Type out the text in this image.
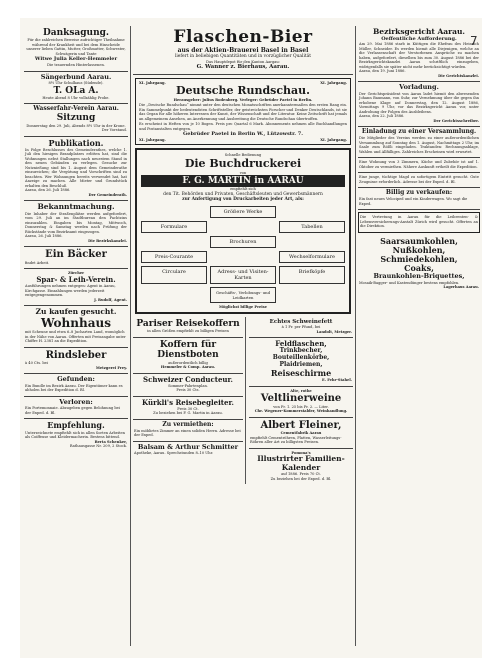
7

Danksagung.

Für die zahlreichen Beweise aufrichtiger Theilnahme während der Krankheit und bei dem Hinscheide unserer lieben Gattin, Mutter, Großmutter, Schwester, Schwägerin und Tante

Witwe Julia Keller-Hemmeler

Die trauernden Hinterlassenen.

Sängerbund Aarau.

8½ Uhr Schulhaus (Südende).

T. OLa A.

Heute Abend 8 Uhr vollzählig Probe.

Wasserfahr-Verein Aarau.

Sitzung

Donnerstag den 29. Juli, Abends 8½ Uhr in der Krone.

Der Vorstand.

Publikation.

In Folge Beschlusses des Gemeinderathes, welche 1. Juli den hiesigen Brandplatzes erlitten hat, sind die Wohnungen nebst Stallungen nach neuestem Stand in den neuen Gebäuden zu verlegen. Gesuche zur Nutznießung sind bis 1. August dem Gemeinderathe einzureichen; die Vergütung und Vorschriften sind zu beachten. Wer Wohnungen bereits verwendet hat, hat Anzeige zu machen. Alle Mieter und Grundstück erhalten den Beschluß.

Aarau, den 26. Juli 1886.

Der Gemeinderath.

Bekanntmachung.

Die Inhaber der Straßenplätze werden aufgefordert, vom 29. Juli an im Stadtbureau den Pachtzins einzuzahlen. Eingaben bis Montag, Mittwoch, Donnerstag & Samstag werden nach Prüfung der Rückstände vom Bezirksamt eingezogen.

Aarau, 26. Juli 1886.

Die Bezirkskanzlei.

Ein Bäcker

findet Arbeit.

Zürcher

Spar- & Leih-Verein.

Ausführungen nehmen entgegen: Agent in Aarau, Kirchgasse. Einzahlungen werden jederzeit entgegengenommen.

J. Rudolf, Agent.

Zu kaufen gesucht.

Wohnhaus

mit Scheune und etwa 6–8 Jucharten Land, womöglich in der Nähe von Aarau. Offerten mit Preisangabe unter Chiffre H. 2381 an die Expedition.

Rindsleber

à 40 Cts. bei

Metzgerei Frey.

Gefunden:

Ein Bundle im Bezirk Aarau. Der Eigentümer kann es abholen bei der Expedition d. Bl.

Verloren:

Ein Portemonnaie. Abzugeben gegen Belohnung bei der Exped. d. Bl.

Empfehlung.

Unterzeichnete empfiehlt sich in allen Sorten Arbeiten als Coiffeuse und Kleidermacherin. Bestens bittend.

Berta Schenker,

Rathausgasse Nr. 209, 2 Stock.

Flaschen-Bier

aus der Aktien-Brauerei Basel in Basel

liefert in beliebigen Quantitäten und in vorzüglicher Qualität

Das Hauptdepot für den Kanton Aargau:

G. Wanner z. Bierhaus, Aarau.

XI. Jahrgang.	XI. Jahrgang.

Deutsche Rundschau.

Herausgeber: Julius Rodenberg. Verleger: Gebrüder Paetel in Berlin.

Die „Deutsche Rundschau“ nimmt unter den deutschen Monatsschriften anerkanntermaßen den ersten Rang ein. Ein Sammelpunkt der bedeutendsten Schriftsteller, der geistreichsten Forscher und Denker Deutschlands, ist sie das Organ für alle höheren Interessen der Kunst, der Wissenschaft und der Literatur. Keine Zeitschrift hat jemals an allgemeinem Ansehen, an Anerkennung und Ausbreitung die Deutsche Rundschau übertroffen.

Es erscheint in Heften von je 10 Bogen. Preis pro Quartal 6 Mark. Abonnements nehmen alle Buchhandlungen und Postanstalten entgegen.

Gebrüder Paetel in Berlin W., Lützowstr. 7.

XI. Jahrgang.	XI. Jahrgang.

Schnelle Bedienung

Die Buchdruckerei

von

F. G. MARTIN in AARAU

empfiehlt sich

den Tit. Behörden und Privaten, Geschäftsleuten und Gewerbsmännern

zur Anfertigung von Druckarbeiten jeder Art, als:

Größere Werke
Formulare	Tabellen
Brochuren
Preis-Courante	Wechselformulare
Circulare	Adress- und Visiten-Karten
Briefköpfe
Geschäfts-, Verlobungs- und Leidkarten

Möglichst billige Preise

Pariser Reisekoffern

in allen Größen empfiehlt zu billigen Preisen

Koffern für Dienstboten

außerordentlich billig

Hemmeler & Comp. Aarau.

Schweizer Conducteur.

Sommer-Fahrtenplan.

Preis 30 Cts.

Kürkli's Reisebegleiter.

Preis 30 Ct.

Zu beziehen bei F. G. Martin in Aarau.

Zu vermiethen:

Ein möblirtes Zimmer an einen soliden Herrn. Adresse bei der Exped.

Balsam & Arthur Schmitter

Apotheke, Aarau. Sprechstunden 8–10 Uhr.

Echtes Schweinefett

à 1 Fr. per Pfund, bei

Landolt, Metzger.

Feldflaschen,

Trinkbecher,

Bouteillenkörbe,

Plaidriemen,

Reiseschirme

E. Fehr-Stahel.

Alte, rothe

Veltlinerweine

von Fr. 1. 25 bis Fr. 2. — Liter.

Chr. Wegener-Kommerstalder, Weinhandlung.

Albert Fleiner,

Cementfabrik Aarau

empfiehlt Cementröhren, Platten, Wasserleitungs-Röhren aller Art zu billigsten Preisen.

Pomona's

Illustrirter Familien-Kalender

auf 1886. Preis 70 Ct.

Zu beziehen bei der Exped. d. Bl.

Bezirksgericht Aarau.

Oeffentliche Aufforderung.

Am 29. Mai 1886 starb in Küttigen die Ehefrau des Heinrich Müller, Schneider. Es werden hiemit alle Diejenigen, welche an die Verlassenschaft der Verstorbenen Ansprüche zu machen haben, aufgefordert, dieselben bis zum 30. August 1886 bei der Bezirksgerichtskanzlei Aarau schriftlich einzugeben, widrigenfalls sie später nicht mehr berücksichtigt würden.

Aarau, den 19. Juni 1886.

Die Gerichtskanzlei.

Vorladung.

Der Gerichtspräsident von Aarau ladet hiemit den abwesenden Johann Baumann, von Suhr, zur Vernehmung über die gegen ihn erhobene Klage auf Donnerstag, den 12. August 1886, Vormittags 9 Uhr, vor das Bezirksgericht Aarau vor, unter Androhung der Folgen des Ausbleibens.

Aarau, den 22. Juli 1886.

Der Gerichtsschreiber.

Einladung zu einer Versammlung.

Die Mitglieder des Vereins werden zu einer außerordentlichen Versammlung auf Sonntag den 1. August, Nachmittags 2 Uhr, im Saale zum Rößli eingeladen. Traktanden: Rechnungsablage, Wahlen und Allfälliges. Zahlreiches Erscheinen wird erwartet.

Eine Wohnung von 3 Zimmern, Küche und Zubehör ist auf 1. Oktober zu vermiethen. Nähere Auskunft ertheilt die Expedition.

Eine junge, tüchtige Magd zu sofortigem Eintritt gesucht. Gute Zeugnisse erforderlich. Adresse bei der Exped. d. Bl.

Billig zu verkaufen:

Ein fast neues Velociped und ein Kinderwagen. Wo sagt die Exped.

Die Vertretung in Aarau für die Leibrenten- & Lebensversicherungs-Anstalt Zürich wird gesucht. Offerten an die Direktion.

Saarsaumkohlen,

Nußkohlen,

Schmiedekohlen,

Coaks,

Braunkohlen-Briquettes,

Mosaik-Bagger- und Kastendünger bestens empfohlen.

Lagerhaus Aarau.
